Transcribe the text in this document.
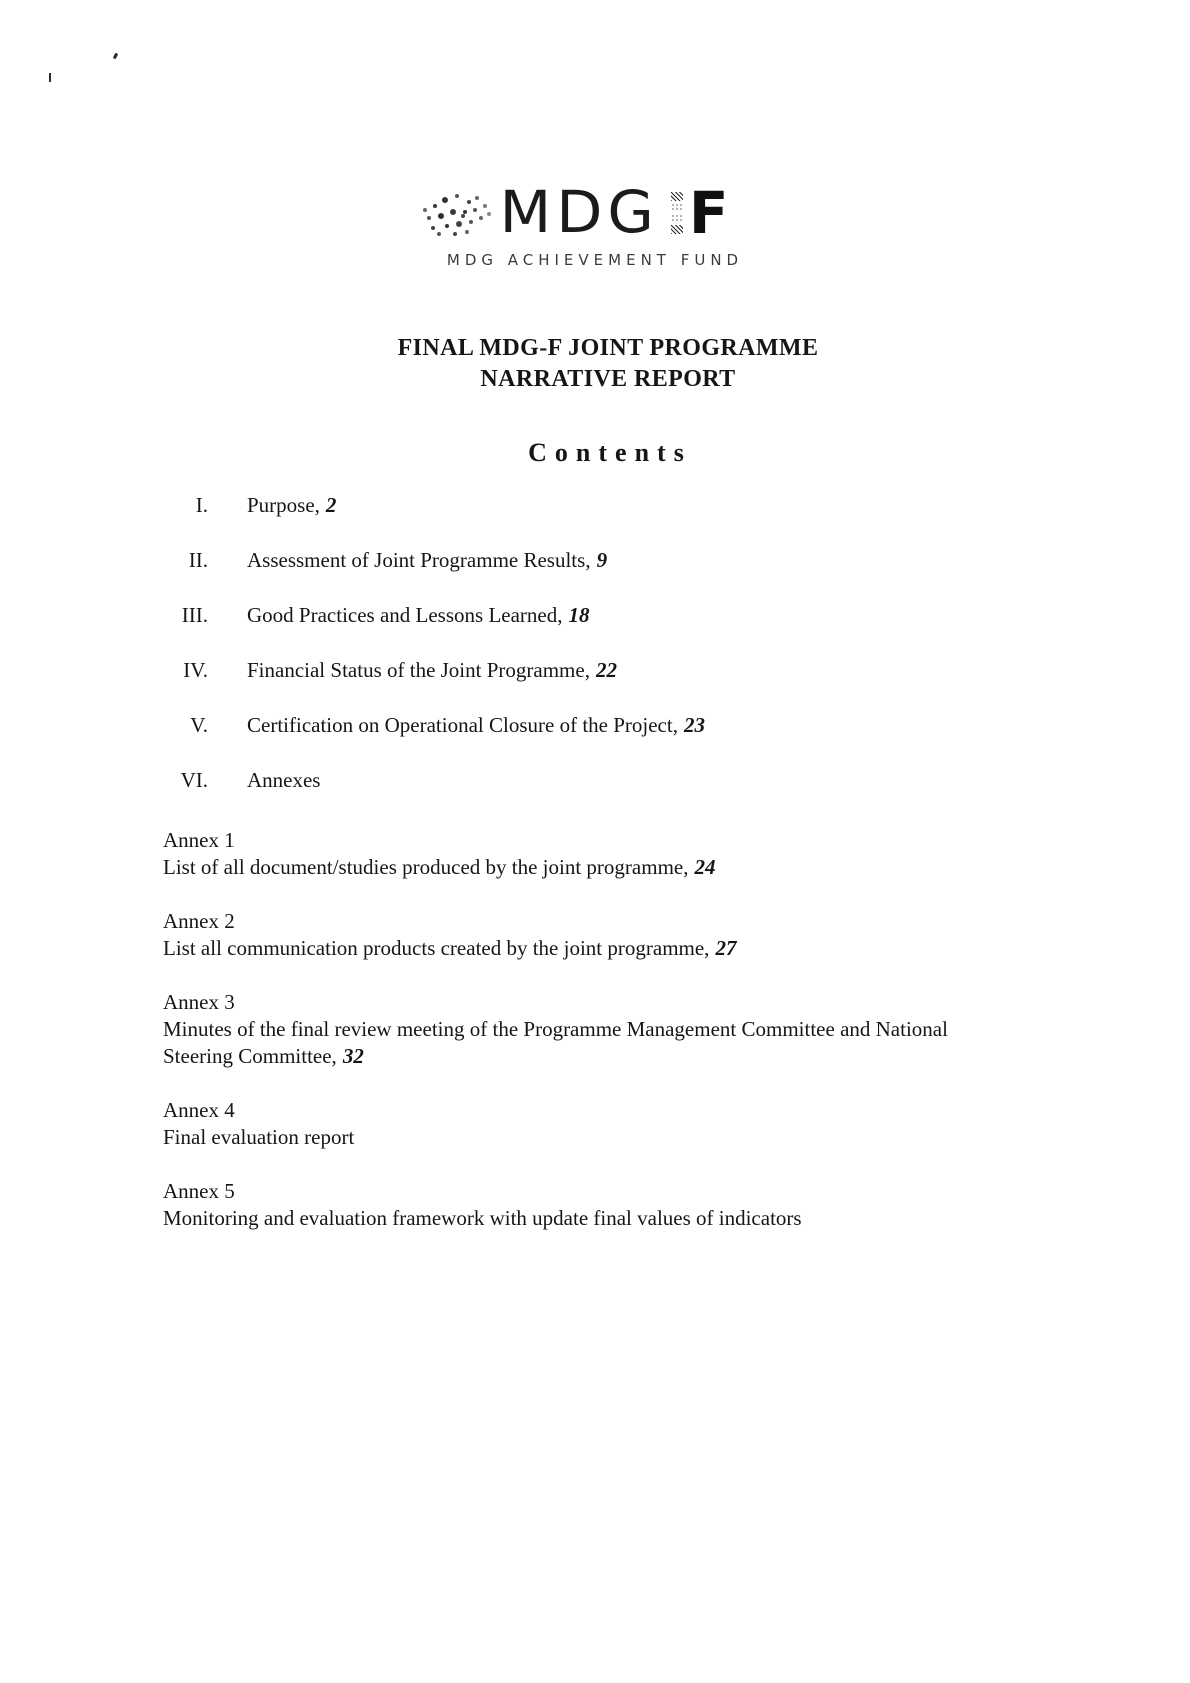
MDG F
MDG ACHIEVEMENT FUND
FINAL MDG-F JOINT PROGRAMME
NARRATIVE REPORT
Contents
I. Purpose, 2
II. Assessment of Joint Programme Results, 9
III. Good Practices and Lessons Learned, 18
IV. Financial Status of the Joint Programme, 22
V. Certification on Operational Closure of the Project, 23
VI. Annexes
Annex 1
List of all document/studies produced by the joint programme, 24
Annex 2
List all communication products created by the joint programme, 27
Annex 3
Minutes of the final review meeting of the Programme Management Committee and National Steering Committee, 32
Annex 4
Final evaluation report
Annex 5
Monitoring and evaluation framework with update final values of indicators
